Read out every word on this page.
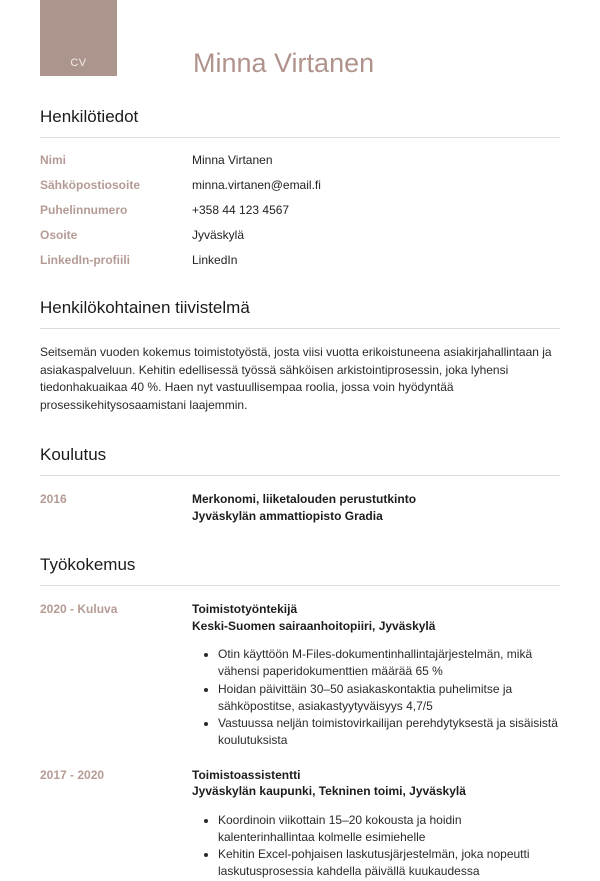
CV	Minna Virtanen
Henkilötiedot
Nimi	Minna Virtanen
Sähköpostiosoite	minna.virtanen@email.fi
Puhelinnumero	+358 44 123 4567
Osoite	Jyväskylä
LinkedIn-profiili	LinkedIn
Henkilökohtainen tiivistelmä

Seitsemän vuoden kokemus toimistotyöstä, josta viisi vuotta erikoistuneena asiakirjahallintaan ja asiakaspalveluun. Kehitin edellisessä työssä sähköisen arkistointiprosessin, joka lyhensi tiedonhakuaikaa 40 %. Haen nyt vastuullisempaa roolia, jossa voin hyödyntää prosessikehitysosaamistani laajemmin.

Koulutus
2016	Merkonomi, liiketalouden perustutkinto
Jyväskylän ammattiopisto Gradia
Työkokemus
2020 - Kuluva	Toimistotyöntekijä
Keski-Suomen sairaanhoitopiiri, Jyväskylä
• Otin käyttöön M-Files-dokumentinhallintajärjestelmän, mikä vähensi paperidokumenttien määrää 65 %
• Hoidan päivittäin 30–50 asiakaskontaktia puhelimitse ja sähköpostitse, asiakastyytyväisyys 4,7/5
• Vastuussa neljän toimistovirkailijan perehdytyksestä ja sisäisistä koulutuksista
2017 - 2020	Toimistoassistentti
Jyväskylän kaupunki, Tekninen toimi, Jyväskylä
• Koordinoin viikottain 15–20 kokousta ja hoidin kalenterinhallintaa kolmelle esimiehelle
• Kehitin Excel-pohjaisen laskutusjärjestelmän, joka nopeutti laskutusprosessia kahdella päivällä kuukaudessa
